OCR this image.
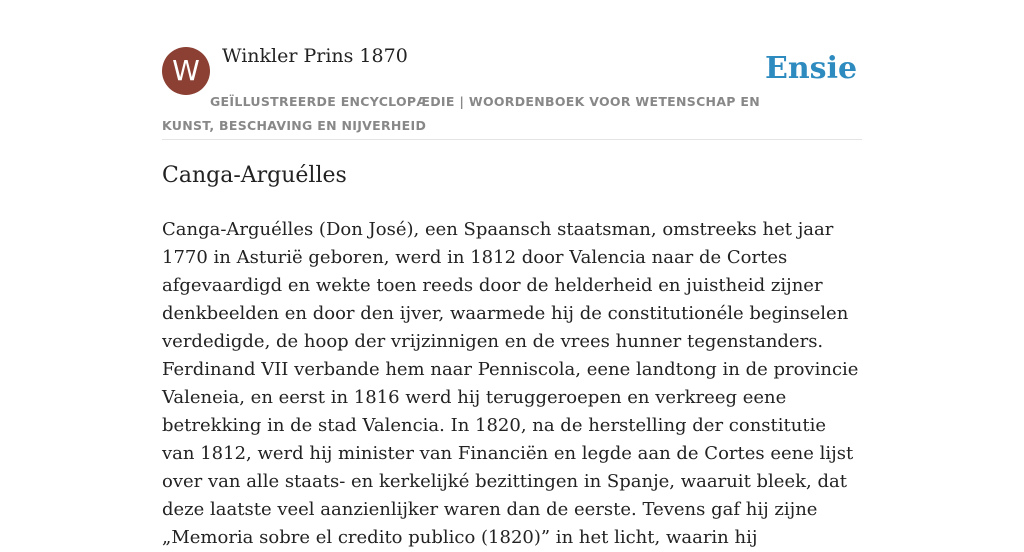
W	Winkler Prins 1870	Ensie
GEÏLLUSTREERDE ENCYCLOPÆDIE | WOORDENBOEK VOOR WETENSCHAP EN KUNST, BESCHAVING EN NIJVERHEID
Canga-Arguélles

Canga-Arguélles (Don José), een Spaansch staatsman, omstreeks het jaar 1770 in Asturië geboren, werd in 1812 door Valencia naar de Cortes afgevaardigd en wekte toen reeds door de helderheid en juistheid zijner denkbeelden en door den ijver, waarmede hij de constitutionéle beginselen verdedigde, de hoop der vrijzinnigen en de vrees hunner tegenstanders. Ferdinand VII verbande hem naar Penniscola, eene landtong in de provincie Valeneia, en eerst in 1816 werd hij teruggeroepen en verkreeg eene betrekking in de stad Valencia. In 1820, na de herstelling der constitutie van 1812, werd hij minister van Financiën en legde aan de Cortes eene lijst over van alle staats- en kerkelijké bezittingen in Spanje, waaruit bleek, dat deze laatste veel aanzienlijker waren dan de eerste. Tevens gaf hij zijne „Memoria sobre el credito publico (1820)” in het licht, waarin hij
